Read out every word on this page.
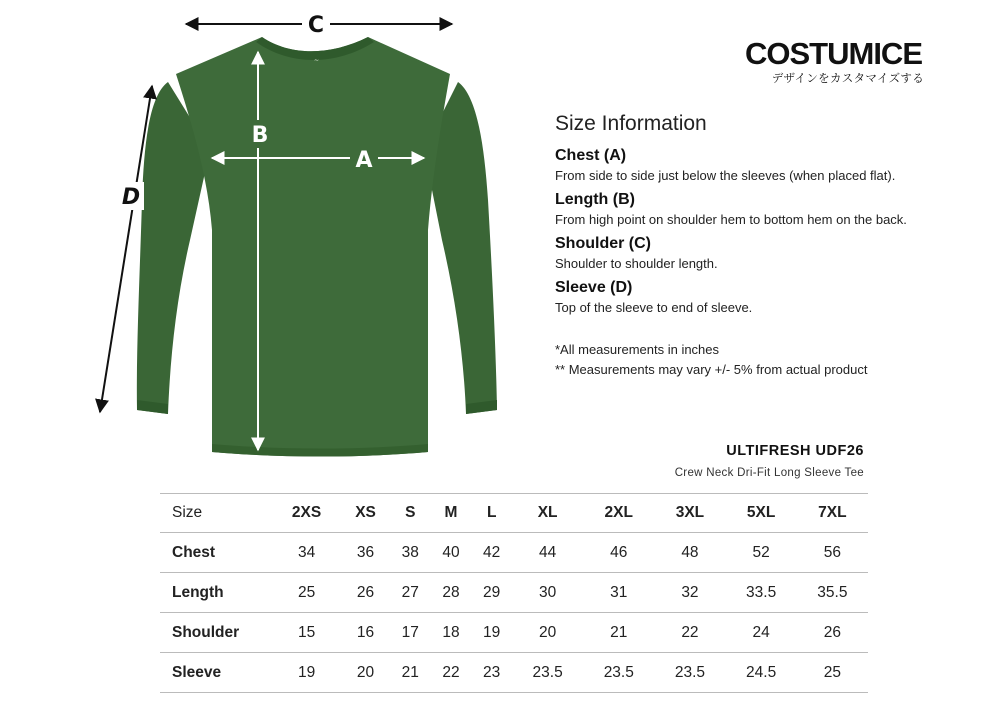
~
C
D
B
A
COSTUMICE
デザインをカスタマイズする
Size Information
Chest (A)
From side to side just below the sleeves (when placed flat).
Length (B)
From high point on shoulder hem to bottom hem on the back.
Shoulder (C)
Shoulder to shoulder length.
Sleeve (D)
Top of the sleeve to end of sleeve.
*All measurements in inches
** Measurements may vary +/- 5% from actual product
ULTIFRESH UDF26
Crew Neck Dri-Fit Long Sleeve Tee
Size	2XS	XS	S	M	L	XL	2XL	3XL	5XL	7XL
Chest	34	36	38	40	42	44	46	48	52	56
Length	25	26	27	28	29	30	31	32	33.5	35.5
Shoulder	15	16	17	18	19	20	21	22	24	26
Sleeve	19	20	21	22	23	23.5	23.5	23.5	24.5	25
